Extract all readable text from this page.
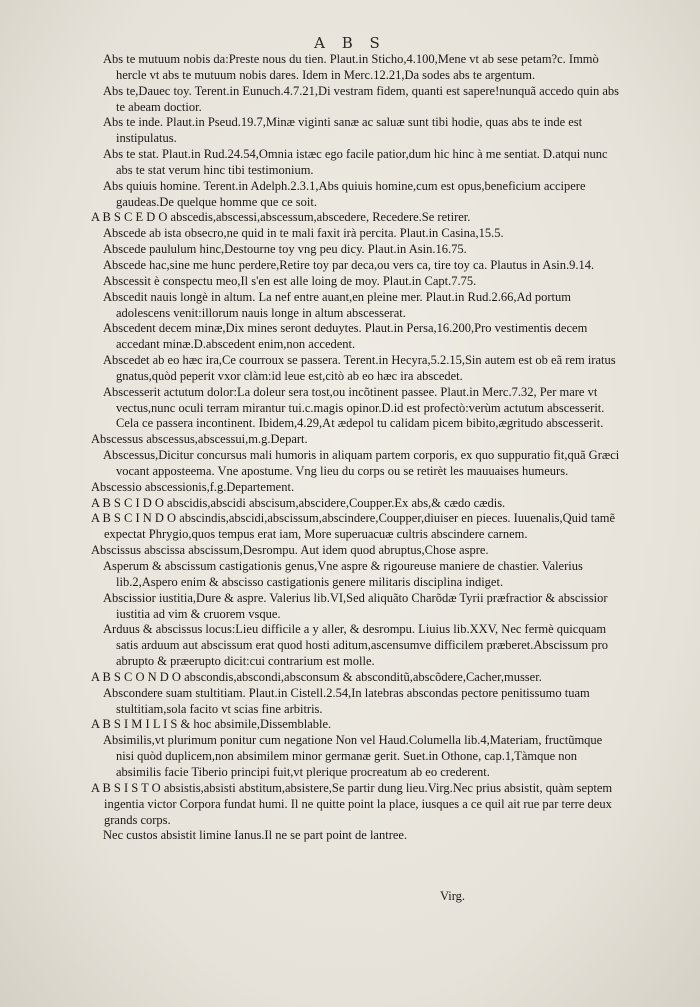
A B S

Abs te mutuum nobis da:Preste nous du tien. Plaut.in Sticho,4.100,Mene vt ab sese petam?c. Immò hercle vt abs te mutuum nobis dares. Idem in Merc.12.21,Da sodes abs te argentum.

Abs te,Dauec toy. Terent.in Eunuch.4.7.21,Di vestram fidem, quanti est sapere!nunquã accedo quin abs te abeam doctior.

Abs te inde. Plaut.in Pseud.19.7,Minæ viginti sanæ ac saluæ sunt tibi hodie, quas abs te inde est instipulatus.

Abs te stat. Plaut.in Rud.24.54,Omnia istæc ego facile patior,dum hic hinc à me sentiat. D.atqui nunc abs te stat verum hinc tibi testimonium.

Abs quiuis homine. Terent.in Adelph.2.3.1,Abs quiuis homine,cum est opus,beneficium accipere gaudeas.De quelque homme que ce soit.

A B S C E D O abscedis,abscessi,abscessum,abscedere, Recedere.Se retirer.

Abscede ab ista obsecro,ne quid in te mali faxit irà percita. Plaut.in Casina,15.5.

Abscede paululum hinc,Destourne toy vng peu dicy. Plaut.in Asin.16.75.

Abscede hac,sine me hunc perdere,Retire toy par deca,ou vers ca, tire toy ca. Plautus in Asin.9.14.

Abscessit è conspectu meo,Il s'en est alle loing de moy. Plaut.in Capt.7.75.

Abscedit nauis longè in altum. La nef entre auant,en pleine mer. Plaut.in Rud.2.66,Ad portum adolescens venit:illorum nauis longe in altum abscesserat.

Abscedent decem minæ,Dix mines seront deduytes. Plaut.in Persa,16.200,Pro vestimentis decem accedant minæ.D.abscedent enim,non accedent.

Abscedet ab eo hæc ira,Ce courroux se passera. Terent.in Hecyra,5.2.15,Sin autem est ob eã rem iratus gnatus,quòd peperit vxor clàm:id leue est,citò ab eo hæc ira abscedet.

Abscesserit actutum dolor:La doleur sera tost,ou incõtinent passee. Plaut.in Merc.7.32, Per mare vt vectus,nunc oculi terram mirantur tui.c.magis opinor.D.id est profectò:verùm actutum abscesserit. Cela ce passera incontinent. Ibidem,4.29,At ædepol tu calidam picem bibito,ægritudo abscesserit.

Abscessus abscessus,abscessui,m.g.Depart.

Abscessus,Dicitur concursus mali humoris in aliquam partem corporis, ex quo suppuratio fit,quã Græci vocant apposteema. Vne apostume. Vng lieu du corps ou se retirèt les mauuaises humeurs.

Abscessio abscessionis,f.g.Departement.

A B S C I D O abscidis,abscidi abscisum,abscidere,Coupper.Ex abs,& cædo cædis.

A B S C I N D O abscindis,abscidi,abscissum,abscindere,Coupper,diuiser en pieces. Iuuenalis,Quid tamẽ expectat Phrygio,quos tempus erat iam, More superuacuæ cultris abscindere carnem.

Abscissus abscissa abscissum,Desrompu. Aut idem quod abruptus,Chose aspre.

Asperum & abscissum castigationis genus,Vne aspre & rigoureuse maniere de chastier. Valerius lib.2,Aspero enim & abscisso castigationis genere militaris disciplina indiget.

Abscissior iustitia,Dure & aspre. Valerius lib.VI,Sed aliquãto Charõdæ Tyrii præfractior & abscissior iustitia ad vim & cruorem vsque.

Arduus & abscissus locus:Lieu difficile a y aller, & desrompu. Liuius lib.XXV, Nec fermè quicquam satis arduum aut abscissum erat quod hosti aditum,ascensumve difficilem præberet.Abscissum pro abrupto & præerupto dicit:cui contrarium est molle.

A B S C O N D O abscondis,abscondi,absconsum & absconditũ,abscõdere,Cacher,musser.

Abscondere suam stultitiam. Plaut.in Cistell.2.54,In latebras abscondas pectore penitissumo tuam stultitiam,sola facito vt scias fine arbitris.

A B S I M I L I S & hoc absimile,Dissemblable.

Absimilis,vt plurimum ponitur cum negatione Non vel Haud.Columella lib.4,Materiam, fructũmque nisi quòd duplicem,non absimilem minor germanæ gerit. Suet.in Othone, cap.1,Tàmque non absimilis facie Tiberio principi fuit,vt plerique procreatum ab eo crederent.

A B S I S T O absistis,absisti abstitum,absistere,Se partir dung lieu.Virg.Nec prius absistit, quàm septem ingentia victor Corpora fundat humi. Il ne quitte point la place, iusques a ce quil ait rue par terre deux grands corps.

Nec custos absistit limine Ianus.Il ne se part point de lantree.

Virg.
